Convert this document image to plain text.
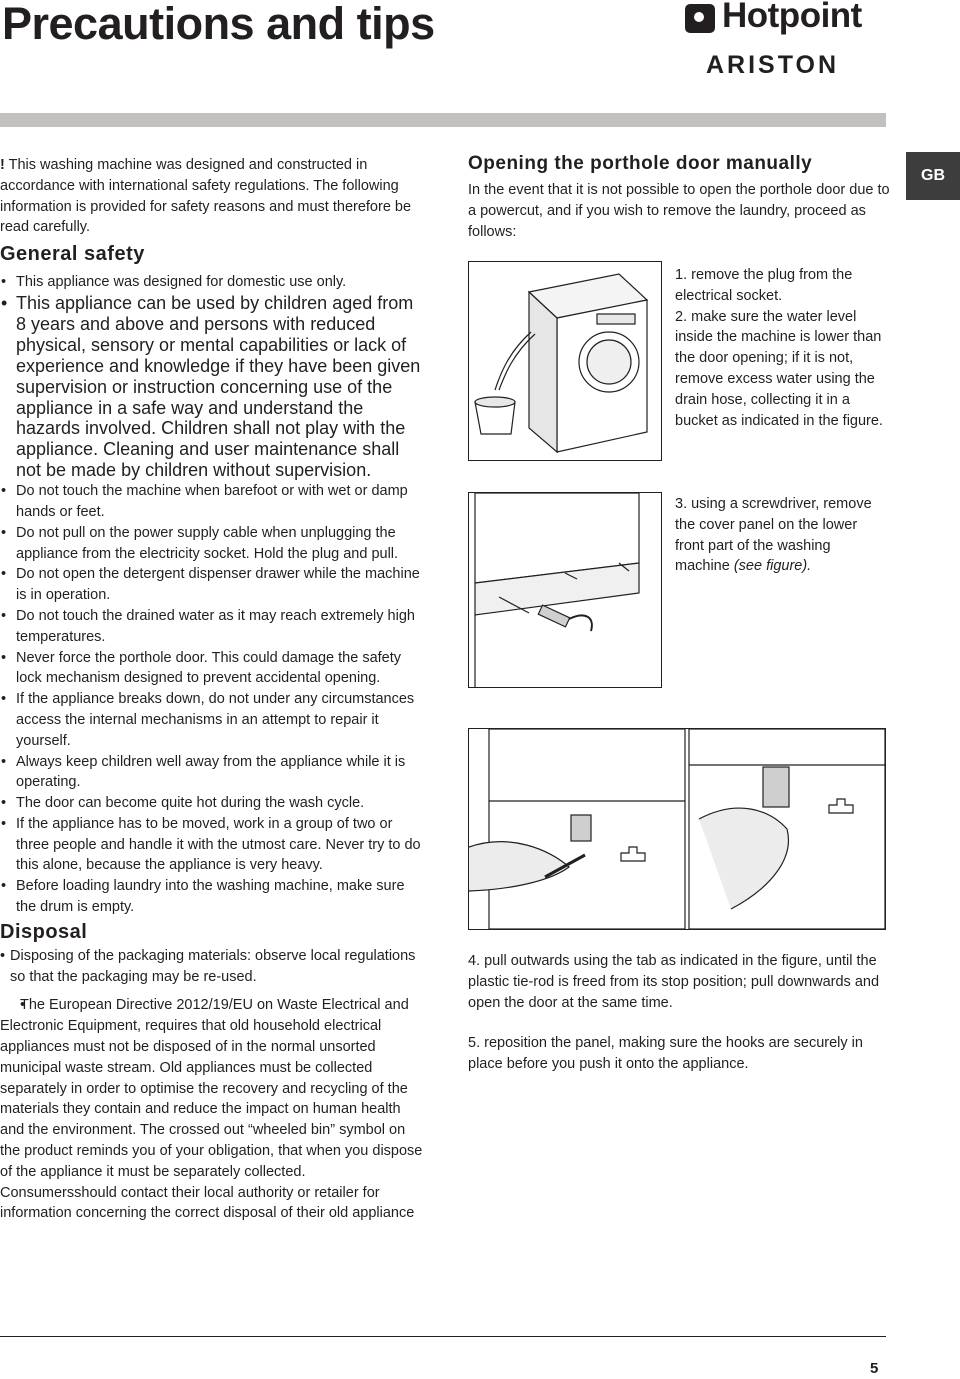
Precautions and tips	Hotpoint
ARISTON
GB

! This washing machine was designed and constructed in accordance with international safety regulations. The following information is provided for safety reasons and must therefore be read carefully.

General safety
• This appliance was designed for domestic use only.
• This appliance can be used by children aged from 8 years and above and persons with reduced physical, sensory or mental capabilities or lack of experience and knowledge if they have been given supervision or instruction concerning use of the appliance in a safe way and understand the hazards involved. Children shall not play with the appliance. Cleaning and user maintenance shall not be made by children without supervision.
• Do not touch the machine when barefoot or with wet or damp hands or feet.
• Do not pull on the power supply cable when unplugging the appliance from the electricity socket. Hold the plug and pull.
• Do not open the detergent dispenser drawer while the machine is in operation.
• Do not touch the drained water as it may reach extremely high temperatures.
• Never force the porthole door. This could damage the safety lock mechanism designed to prevent accidental opening.
• If the appliance breaks down, do not under any circumstances access the internal mechanisms in an attempt to repair it yourself.
• Always keep children well away from the appliance while it is operating.
• The door can become quite hot during the wash cycle.
• If the appliance has to be moved, work in a group of two or three people and handle it with the utmost care. Never try to do this alone, because the appliance is very heavy.
• Before loading laundry into the washing machine, make sure the drum is empty.
Disposal
• Disposing of the packaging materials: observe local regulations so that the packaging may be re-used.
• The European Directive 2012/19/EU on Waste Electrical and Electronic Equipment, requires that old household electrical appliances must not be disposed of in the normal unsorted municipal waste stream. Old appliances must be collected separately in order to optimise the recovery and recycling of the materials they contain and reduce the impact on human health and the environment. The crossed out “wheeled bin” symbol on the product reminds you of your obligation, that when you dispose of the appliance it must be separately collected. Consumersshould contact their local authority or retailer for information concerning the correct disposal of their old appliance
Opening the porthole door manually

In the event that it is not possible to open the porthole door due to a powercut, and if you wish to remove the laundry, proceed as follows:

1. remove the plug from the electrical socket.

2. make sure the water level inside the machine is lower than the door opening; if it is not, remove excess water using the drain hose, collecting it in a bucket as indicated in the figure.

3. using a screwdriver, remove the cover panel on the lower front part of the washing machine (see figure).

4. pull outwards using the tab as indicated in the figure, until the plastic tie-rod is freed from its stop position; pull downwards and open the door at the same time.

5. reposition the panel, making sure the hooks are securely in place before you push it onto the appliance.

5
